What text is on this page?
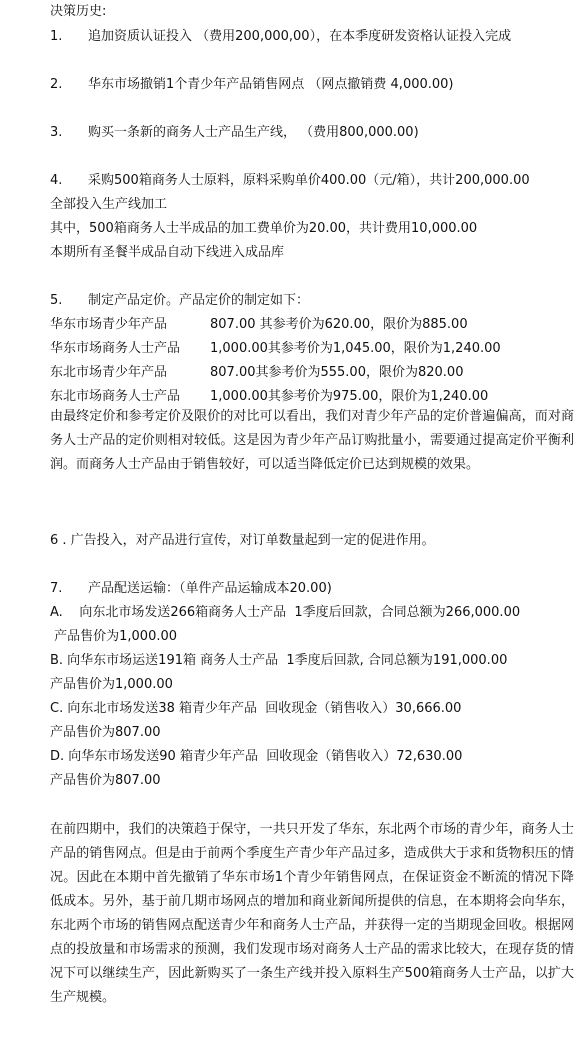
决策历史:
1. 追加资质认证投入 （费用200,000,00），在本季度研发资格认证投入完成
2. 华东市场撤销1个青少年产品销售网点 （网点撤销费 4,000.00)
3. 购买一条新的商务人士产品生产线， （费用800,000.00)
4. 采购500箱商务人士原料，原料采购单价400.00（元/箱），共计200,000.00
全部投入生产线加工
其中，500箱商务人士半成品的加工费单价为20.00，共计费用10,000.00
本期所有圣餐半成品自动下线进入成品库
5. 制定产品定价。产品定价的制定如下：
华东市场青少年产品	807.00 其参考价为620.00，限价为885.00
华东市场商务人士产品 1,000.00其参考价为1,045.00，限价为1,240.00
东北市场青少年产品	807.00其参考价为555.00，限价为820.00
东北市场商务人士产品 1,000.00其参考价为975.00，限价为1,240.00
由最终定价和参考定价及限价的对比可以看出，我们对青少年产品的定价普遍偏高，而对商务人士产品的定价则相对较低。这是因为青少年产品订购批量小，需要通过提高定价平衡利润。而商务人士产品由于销售较好，可以适当降低定价已达到规模的效果。
6 . 广告投入，对产品进行宣传，对订单数量起到一定的促进作用。
7. 产品配送运输：（单件产品运输成本20.00)
A.    向东北市场发送266箱商务人士产品  1季度后回款，合同总额为266,000.00
产品售价为1,000.00
B. 向华东市场运送191箱 商务人士产品  1季度后回款, 合同总额为191,000.00
产品售价为1,000.00
C. 向东北市场发送38 箱青少年产品  回收现金（销售收入）30,666.00
产品售价为807.00
D. 向华东市场发送90 箱青少年产品  回收现金（销售收入）72,630.00
产品售价为807.00
在前四期中，我们的决策趋于保守，一共只开发了华东，东北两个市场的青少年，商务人士产品的销售网点。但是由于前两个季度生产青少年产品过多，造成供大于求和货物积压的情况。因此在本期中首先撤销了华东市场1个青少年销售网点，在保证资金不断流的情况下降低成本。另外，基于前几期市场网点的增加和商业新闻所提供的信息，在本期将会向华东，东北两个市场的销售网点配送青少年和商务人士产品，并获得一定的当期现金回收。根据网点的投放量和市场需求的预测，我们发现市场对商务人士产品的需求比较大，在现存货的情况下可以继续生产，因此新购买了一条生产线并投入原料生产500箱商务人士产品，以扩大生产规模。
